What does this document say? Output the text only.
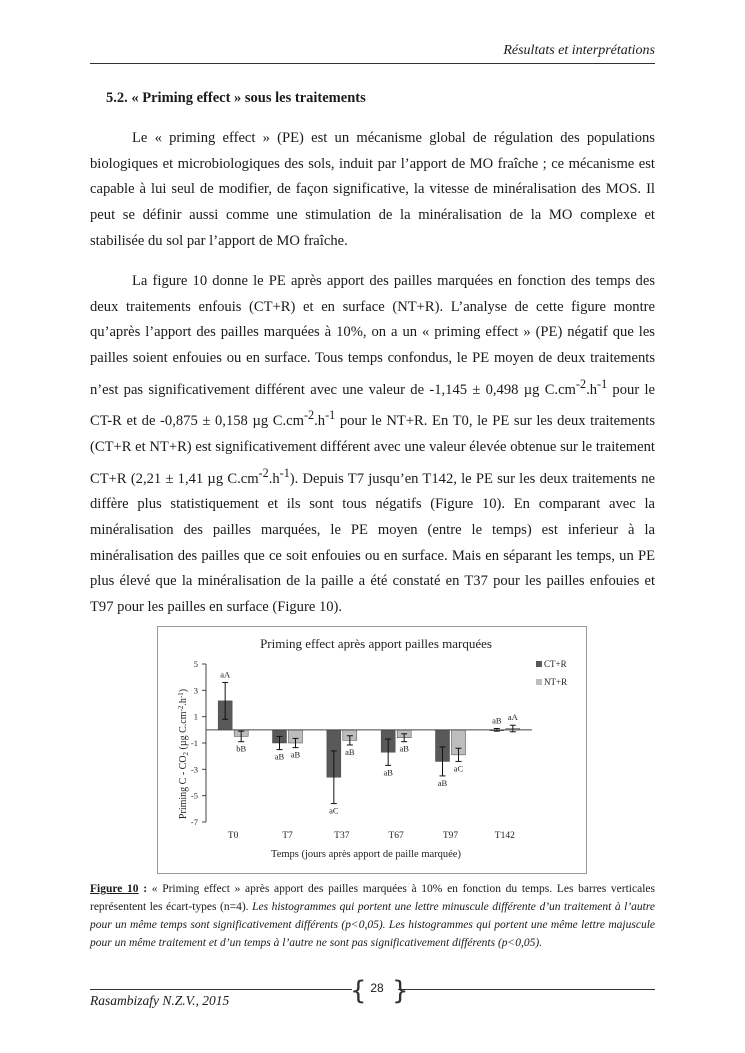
Résultats et interprétations
5.2. « Priming effect » sous les traitements

Le « priming effect » (PE) est un mécanisme global de régulation des populations biologiques et microbiologiques des sols, induit par l’apport de MO fraîche ; ce mécanisme est capable à lui seul de modifier, de façon significative, la vitesse de minéralisation des MOS. Il peut se définir aussi comme une stimulation de la minéralisation de la MO complexe et stabilisée du sol par l’apport de MO fraîche.

La figure 10 donne le PE après apport des pailles marquées en fonction des temps des deux traitements enfouis (CT+R) et en surface (NT+R). L’analyse de cette figure montre qu’après l’apport des pailles marquées à 10%, on a un « priming effect » (PE) négatif que les pailles soient enfouies ou en surface. Tous temps confondus, le PE moyen de deux traitements n’est pas significativement différent avec une valeur de -1,145 ± 0,498 µg $C.cm^{-2}.h^{-1}$ pour le CT-R et de -0,875 ± 0,158 µg $C.cm^{-2}.h^{-1}$ pour le NT+R. En T0, le PE sur les deux traitements (CT+R et NT+R) est significativement différent avec une valeur élevée obtenue sur le traitement CT+R (2,21 ± 1,41 µg $C.cm^{-2}.h^{-1}$). Depuis T7 jusqu’en T142, le PE sur les deux traitements ne diffère plus statistiquement et ils sont tous négatifs (Figure 10). En comparant avec la minéralisation des pailles marquées, le PE moyen (entre le temps) est inferieur à la minéralisation des pailles que ce soit enfouies ou en surface. Mais en séparant les temps, un PE plus élevé que la minéralisation de la paille a été constaté en T37 pour les pailles enfouies et T97 pour les pailles en surface (Figure 10).

Priming effect après apport pailles marquées
Temps (jours après apport de paille marquée)
Priming C - $CO_2$ (µg $C.cm^{-2}.h^{-1}$)
5
3
1
-1
-3
-5
-7
T0	T7	T37	T67	T97	T142
aA
aB
aC
aB
aB
aB
bB
aB	aB	aB
aC
aA
CT+R
NT+R

Figure 10 : « Priming effect » après apport des pailles marquées à 10% en fonction du temps. Les barres verticales représentent les écart-types (n=4). Les histogrammes qui portent une lettre minuscule différente d’un traitement à l’autre pour un même temps sont significativement différents (p˂0,05). Les histogrammes qui portent une même lettre majuscule pour un même traitement et d’un temps à l’autre ne sont pas significativement différents (p˂0,05).

{ }
28
Rasambizafy N.Z.V., 2015
